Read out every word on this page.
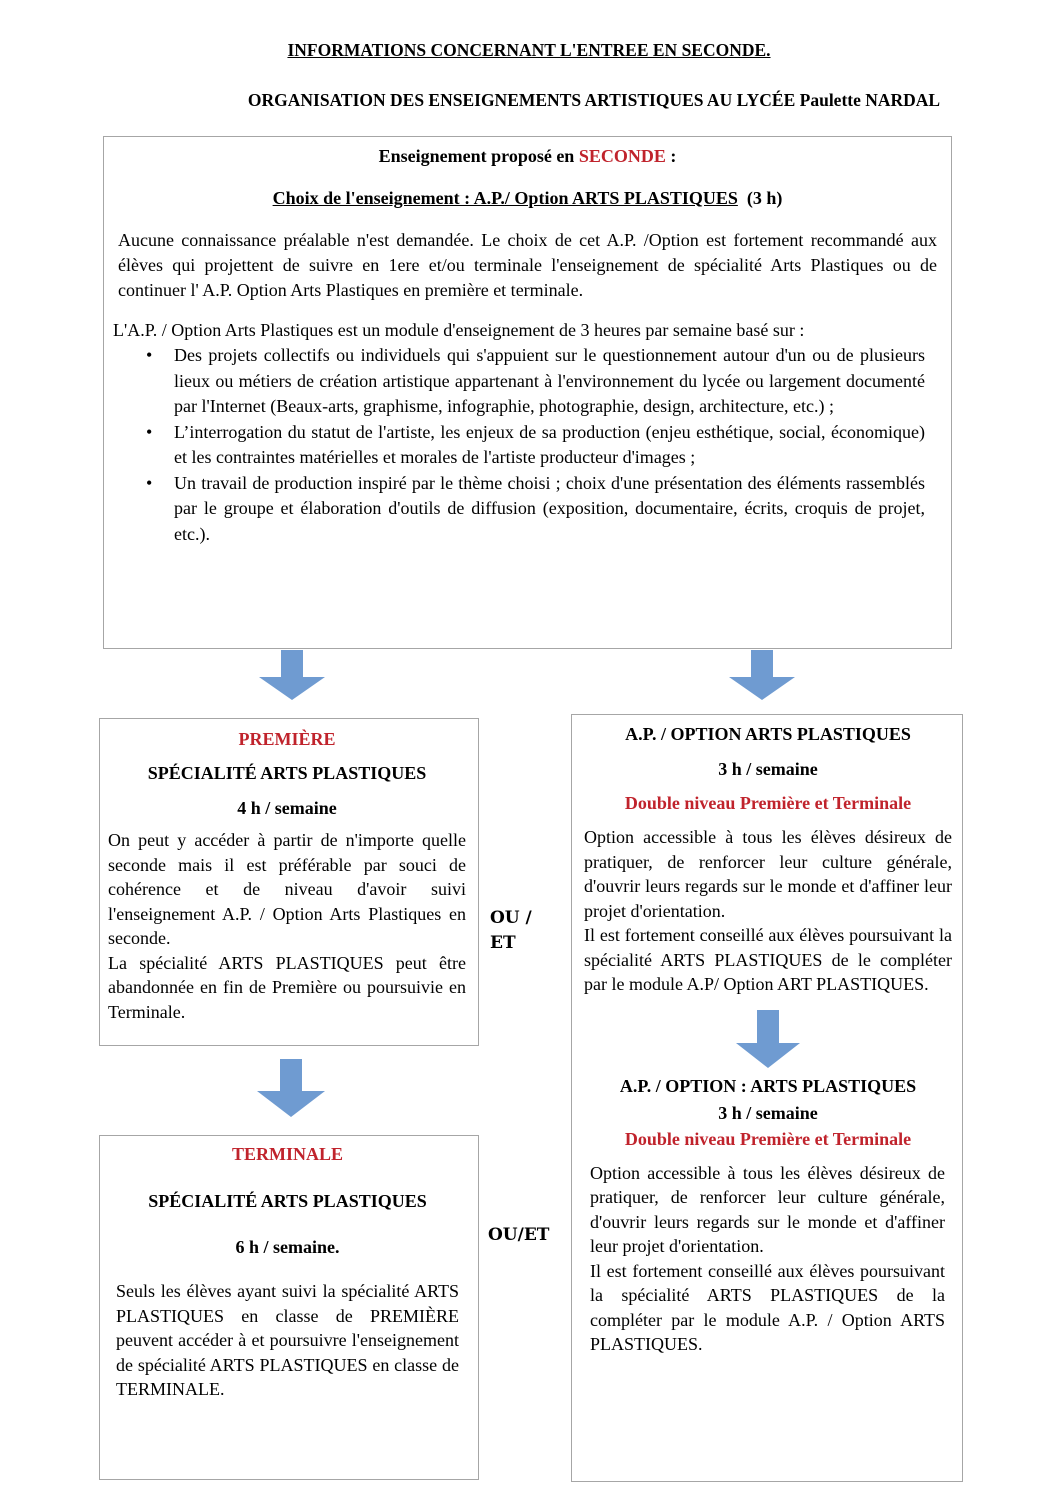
INFORMATIONS CONCERNANT L'ENTREE EN SECONDE.
ORGANISATION DES ENSEIGNEMENTS ARTISTIQUES AU LYCÉE Paulette NARDAL
Enseignement proposé en SECONDE :
Choix de l'enseignement : A.P./ Option ARTS PLASTIQUES (3 h)
Aucune connaissance préalable n'est demandée. Le choix de cet A.P. /Option est fortement recommandé aux élèves qui projettent de suivre en 1ere et/ou terminale l'enseignement de spécialité Arts Plastiques ou de continuer l' A.P. Option Arts Plastiques en première et terminale.
L'A.P. / Option Arts Plastiques est un module d'enseignement de 3 heures par semaine basé sur :
• Des projets collectifs ou individuels qui s'appuient sur le questionnement autour d'un ou de plusieurs lieux ou métiers de création artistique appartenant à l'environnement du lycée ou largement documenté par l'Internet (Beaux-arts, graphisme, infographie, photographie, design, architecture, etc.) ;
• L’interrogation du statut de l'artiste, les enjeux de sa production (enjeu esthétique, social, économique) et les contraintes matérielles et morales de l'artiste producteur d'images ;
• Un travail de production inspiré par le thème choisi ; choix d'une présentation des éléments rassemblés par le groupe et élaboration d'outils de diffusion (exposition, documentaire, écrits, croquis de projet, etc.).
PREMIÈRE
SPÉCIALITÉ ARTS PLASTIQUES
4 h / semaine
On peut y accéder à partir de n'importe quelle seconde mais il est préférable par souci de cohérence et de niveau d'avoir suivi l'enseignement A.P. / Option Arts Plastiques en seconde.
La spécialité ARTS PLASTIQUES peut être abandonnée en fin de Première ou poursuivie en Terminale.
OU /
ET
TERMINALE
SPÉCIALITÉ ARTS PLASTIQUES
6 h / semaine.
Seuls les élèves ayant suivi la spécialité ARTS PLASTIQUES en classe de PREMIÈRE peuvent accéder à et poursuivre l'enseignement de spécialité ARTS PLASTIQUES en classe de TERMINALE.
OU/ET
A.P. / OPTION ARTS PLASTIQUES
3 h / semaine
Double niveau Première et Terminale
Option accessible à tous les élèves désireux de pratiquer, de renforcer leur culture générale, d'ouvrir leurs regards sur le monde et d'affiner leur projet d'orientation.
Il est fortement conseillé aux élèves poursuivant la spécialité ARTS PLASTIQUES de le compléter par le module A.P/ Option ART PLASTIQUES.
A.P. / OPTION : ARTS PLASTIQUES
3 h / semaine
Double niveau Première et Terminale
Option accessible à tous les élèves désireux de pratiquer, de renforcer leur culture générale, d'ouvrir leurs regards sur le monde et d'affiner leur projet d'orientation.
Il est fortement conseillé aux élèves poursuivant la spécialité ARTS PLASTIQUES de la compléter par le module A.P. / Option ARTS PLASTIQUES.
